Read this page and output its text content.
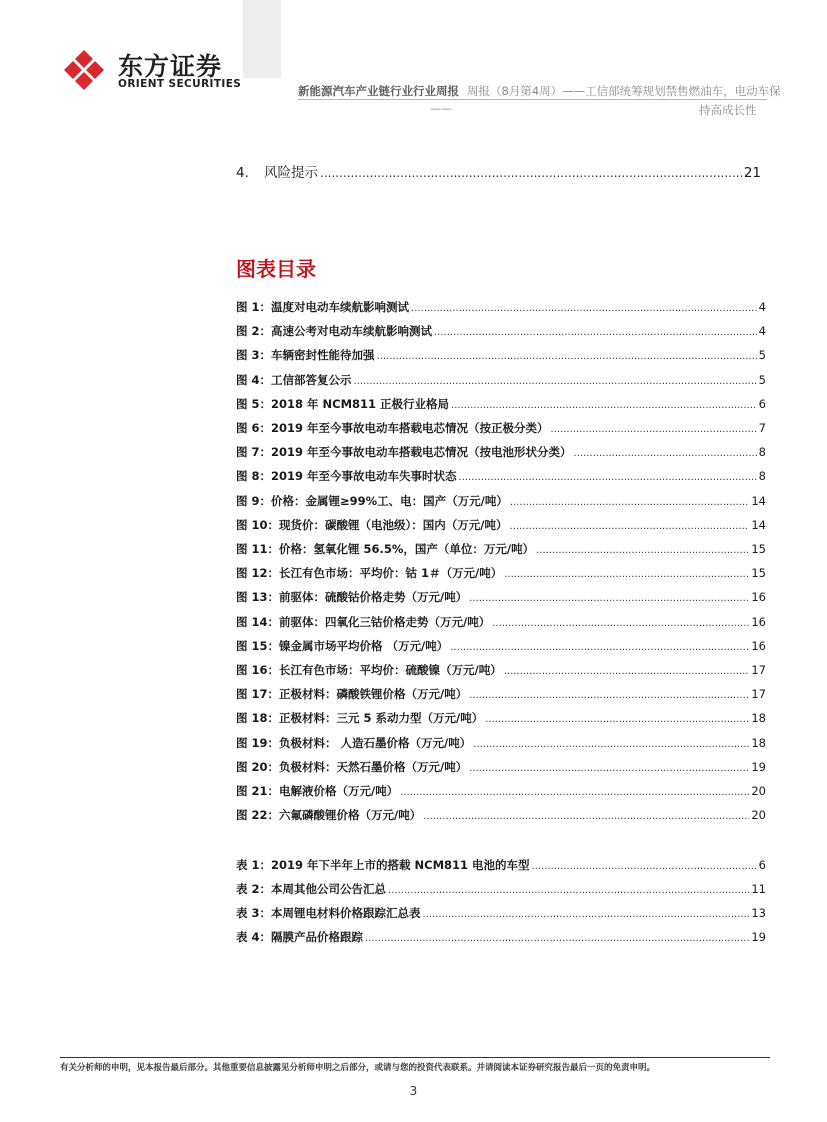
东方证券
ORIENT SECURITIES	新能源汽车产业链行业行业周报 周报（8月第4周）——工信部统筹规划禁售燃油车，电动车保
——	持高成长性
4.	风险提示 .....	21
图表目录
图 1： 温度对电动车续航影响测试 .....	4
图 2： 高速公考对电动车续航影响测试 .....	4
图 3： 车辆密封性能待加强 .....	5
图 4： 工信部答复公示 .....	5
图 5： 2018 年 NCM811 正极行业格局 .....	6
图 6： 2019 年至今事故电动车搭载电芯情况（按正极分类） .....	7
图 7： 2019 年至今事故电动车搭载电芯情况（按电池形状分类） .....	8
图 8： 2019 年至今事故电动车失事时状态 .....	8
图 9： 价格：金属锂≥99%工、电：国产（万元/吨） .....	14
图 10： 现货价：碳酸锂（电池级）：国内（万元/吨） .....	14
图 11： 价格：氢氧化锂 56.5%，国产（单位：万元/吨） .....	15
图 12： 长江有色市场：平均价：钴 1＃（万元/吨） .....	15
图 13： 前驱体：硫酸钴价格走势（万元/吨） .....	16
图 14： 前驱体：四氧化三钴价格走势（万元/吨） .....	16
图 15： 镍金属市场平均价格 （万元/吨） .....	16
图 16： 长江有色市场：平均价：硫酸镍（万元/吨） .....	17
图 17： 正极材料：磷酸铁锂价格（万元/吨） .....	17
图 18： 正极材料：三元 5 系动力型（万元/吨） .....	18
图 19： 负极材料： 人造石墨价格（万元/吨） .....	18
图 20： 负极材料：天然石墨价格（万元/吨） .....	19
图 21： 电解液价格（万元/吨） .....	20
图 22： 六氟磷酸锂价格（万元/吨） .....	20
表 1： 2019 年下半年上市的搭载 NCM811 电池的车型 .....	6
表 2： 本周其他公司公告汇总 .....	11
表 3： 本周锂电材料价格跟踪汇总表 .....	13
表 4： 隔膜产品价格跟踪 .....	19
有关分析师的申明，见本报告最后部分。其他重要信息披露见分析师申明之后部分，或请与您的投资代表联系。并请阅读本证券研究报告最后一页的免责申明。
3
